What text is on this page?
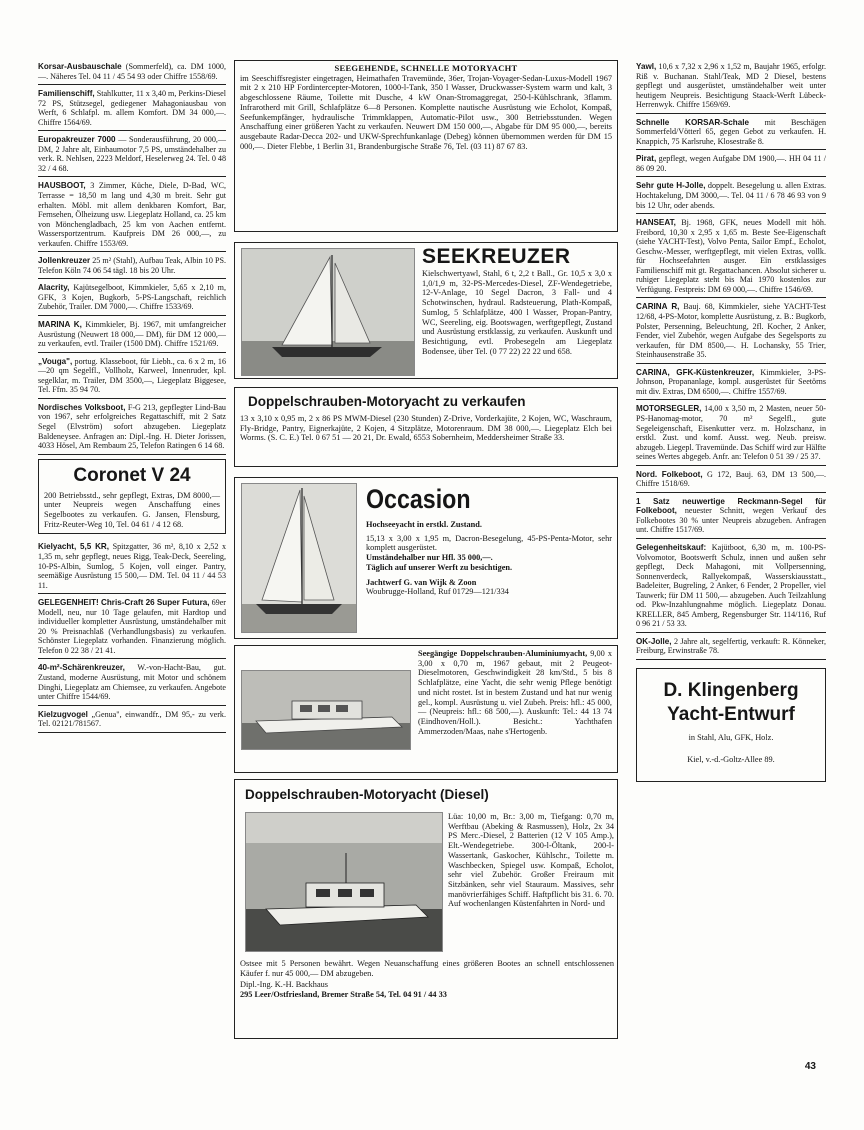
Korsar-Ausbauschale (Sommerfeld), ca. DM 1000,—. Näheres Tel. 04 11 / 45 54 93 oder Chiffre 1558/69.
Familienschiff, Stahlkutter, 11 x 3,40 m, Perkins-Diesel 72 PS, Stützsegel, gediegener Mahagoniausbau von Werft, 6 Schlafpl. m. allem Komfort. DM 34 000,—. Chiffre 1564/69.
Europakreuzer 7000 — Sonderausführung, 20 000,— DM, 2 Jahre alt, Einbaumotor 7,5 PS, umständehalber zu verk. R. Nehlsen, 2223 Meldorf, Heselerweg 24. Tel. 0 48 32 / 4 68.
HAUSBOOT, 3 Zimmer, Küche, Diele, D-Bad, WC, Terrasse = 18,50 m lang und 4,30 m breit. Sehr gut erhalten. Möbl. mit allem denkbaren Komfort, Bar, Fernsehen, Ölheizung usw. Liegeplatz Holland, ca. 25 km von Mönchengladbach, 25 km von Aachen entfernt. Wassersportzentrum. Kaufpreis DM 26 000,—, zu verkaufen. Chiffre 1553/69.
Jollenkreuzer 25 m² (Stahl), Aufbau Teak, Albin 10 PS. Telefon Köln 74 06 54 tägl. 18 bis 20 Uhr.
Alacrity, Kajütsegelboot, Kimmkieler, 5,65 x 2,10 m, GFK, 3 Kojen, Bugkorb, 5-PS-Langschaft, reichlich Zubehör, Trailer. DM 7000,—. Chiffre 1533/69.
MARINA K, Kimmkieler, Bj. 1967, mit umfangreicher Ausrüstung (Neuwert 18 000,— DM), für DM 12 000,— zu verkaufen, evtl. Trailer (1500 DM). Chiffre 1521/69.
„Vouga", portug. Klasseboot, für Liebh., ca. 6 x 2 m, 16—20 qm Segelfl., Vollholz, Karweel, Innenruder, kpl. segelklar, m. Trailer, DM 3500,—, Liegeplatz Biggesee, Tel. Ffm. 35 94 70.
Nordisches Volksboot, F-G 213, gepflegter Lind-Bau von 1967, sehr erfolgreiches Regattaschiff, mit 2 Satz Segel (Elvström) sofort abzugeben. Liegeplatz Baldeneysee. Anfragen an: Dipl.-Ing. H. Dieter Jorissen, 4033 Hösel, Am Rembaum 25, Telefon Ratingen 6 14 68.
Coronet V 24
200 Betriebsstd., sehr gepflegt, Extras, DM 8000,— unter Neupreis wegen Anschaffung eines Segelbootes zu verkaufen. G. Jansen, Flensburg, Fritz-Reuter-Weg 10, Tel. 04 61 / 4 12 68.
Kielyacht, 5,5 KR, Spitzgatter, 36 m², 8,10 x 2,52 x 1,35 m, sehr gepflegt, neues Rigg, Teak-Deck, Seereling, 10-PS-Albin, Sumlog, 5 Kojen, voll einger. Pantry, seemäßige Ausrüstung 15 500,— DM. Tel. 04 11 / 44 53 11.
GELEGENHEIT! Chris-Craft 26 Super Futura, 69er Modell, neu, nur 10 Tage gelaufen, mit Hardtop und individueller kompletter Ausrüstung, umständehalber mit 20 % Preisnachlaß (Verhandlungsbasis) zu verkaufen. Schönster Liegeplatz vorhanden. Finanzierung möglich. Telefon 0 22 38 / 21 41.
40-m²-Schärenkreuzer, W.-von-Hacht-Bau, gut. Zustand, moderne Ausrüstung, mit Motor und schönem Dinghi, Liegeplatz am Chiemsee, zu verkaufen. Angebote unter Chiffre 1544/69.
Kielzugvogel „Genua", einwandfr., DM 95,- zu verk. Tel. 02121/781567.
SEEGEHENDE, SCHNELLE MOTORYACHT
im Seeschiffsregister eingetragen, Heimathafen Travemünde, 36er, Trojan-Voyager-Sedan-Luxus-Modell 1967 mit 2 x 210 HP Fordintercepter-Motoren, 1000-l-Tank, 350 l Wasser, Druckwasser-System warm und kalt, 3 abgeschlossene Räume, Toilette mit Dusche, 4 kW Onan-Stromaggregat, 250-l-Kühlschrank, 3flamm. Infrarotherd mit Grill, Schlafplätze 6—8 Personen. Komplette nautische Ausrüstung wie Echolot, Kompaß, Seefunkempfänger, hydraulische Trimmklappen, Automatic-Pilot usw., 300 Betriebsstunden. Wegen Anschaffung einer größeren Yacht zu verkaufen. Neuwert DM 150 000,—, Abgabe für DM 95 000,—, bereits ausgebaute Radar-Decca 202- und UKW-Sprechfunkanlage (Debeg) können übernommen werden für DM 15 000,—. Dieter Flebbe, 1 Berlin 31, Brandenburgische Straße 76, Tel. (03 11) 87 67 83.
SEEKREUZER
Kielschwertyawl, Stahl, 6 t, 2,2 t Ball., Gr. 10,5 x 3,0 x 1,0/1,9 m, 32-PS-Mercedes-Diesel, ZF-Wendegetriebe, 12-V-Anlage, 10 Segel Dacron, 3 Fall- und 4 Schotwinschen, hydraul. Radsteuerung, Plath-Kompaß, Sumlog, 5 Schlafplätze, 400 l Wasser, Propan-Pantry, WC, Seereling, eig. Bootswagen, werftgepflegt, Zustand und Ausrüstung erstklassig, zu verkaufen. Auskunft und Besichtigung, evtl. Probesegeln am Liegeplatz Bodensee, über Tel. (0 77 22) 22 22 und 658.
Doppelschrauben-Motoryacht zu verkaufen
13 x 3,10 x 0,95 m, 2 x 86 PS MWM-Diesel (230 Stunden) Z-Drive, Vorderkajüte, 2 Kojen, WC, Waschraum, Fly-Bridge, Pantry, Eignerkajüte, 2 Kojen, 4 Sitzplätze, Motorenraum. DM 38 000,—. Liegeplatz Elch bei Worms. (S. C. E.) Tel. 0 67 51 — 20 21, Dr. Ewald, 6553 Sobernheim, Meddersheimer Straße 33.
Occasion
Hochseeyacht in erstkl. Zustand.
15,13 x 3,00 x 1,95 m, Dacron-Besegelung, 45-PS-Penta-Motor, sehr komplett ausgerüstet.
Umständehalber nur Hfl. 35 000,—.
Täglich auf unserer Werft zu besichtigen.
Jachtwerf G. van Wijk & Zoon
Woubrugge-Holland, Ruf 01729—121/334
Seegängige Doppelschrauben-Aluminiumyacht, 9,00 x 3,00 x 0,70 m, 1967 gebaut, mit 2 Peugeot-Dieselmotoren, Geschwindigkeit 28 km/Std., 5 bis 8 Schlafplätze, eine Yacht, die sehr wenig Pflege benötigt und nicht rostet. Ist in bestem Zustand und hat nur wenig gel., kompl. Ausrüstung u. viel Zubeh. Preis: hfl.: 45 000,— (Neupreis: hfl.: 68 500,—). Auskunft: Tel.: 44 13 74 (Eindhoven/Holl.). Besicht.: Yachthafen Ammerzoden/Maas, nahe s'Hertogenb.
Doppelschrauben-Motoryacht (Diesel)
Lüa: 10,00 m, Br.: 3,00 m, Tiefgang: 0,70 m, Werftbau (Abeking & Rasmussen), Holz, 2x 34 PS Merc.-Diesel, 2 Batterien (12 V 105 Amp.), Elt.-Wendegetriebe. 300-l-Öltank, 200-l-Wassertank, Gaskocher, Kühlschr., Toilette m. Waschbecken, Spiegel usw. Kompaß, Echolot, sehr viel Zubehör. Großer Freiraum mit Sitzbänken, sehr viel Stauraum. Massives, sehr manövrierfähiges Schiff. Haftpflicht bis 31. 6. 70. Auf wochenlangen Küstenfahrten in Nord- und
Ostsee mit 5 Personen bewährt. Wegen Neuanschaffung eines größeren Bootes an schnell entschlossenen Käufer f. nur 45 000,— DM abzugeben.
Dipl.-Ing. K.-H. Backhaus
295 Leer/Ostfriesland, Bremer Straße 54, Tel. 04 91 / 44 33
Yawl, 10,6 x 7,32 x 2,96 x 1,52 m, Baujahr 1965, erfolgr. Riß v. Buchanan. Stahl/Teak, MD 2 Diesel, bestens gepflegt und ausgerüstet, umständehalber weit unter heutigem Neupreis. Besichtigung Staack-Werft Lübeck-Herrenwyk. Chiffre 1569/69.
Schnelle KORSAR-Schale mit Beschägen Sommerfeld/Vötterl 65, gegen Gebot zu verkaufen. H. Knappich, 75 Karlsruhe, Klosestraße 8.
Pirat, gepflegt, wegen Aufgabe DM 1900,—. HH 04 11 / 86 09 20.
Sehr gute H-Jolle, doppelt. Besegelung u. allen Extras. Hochtakelung, DM 3000,—. Tel. 04 11 / 6 78 46 93 von 9 bis 12 Uhr, oder abends.
HANSEAT, Bj. 1968, GFK, neues Modell mit höh. Freibord, 10,30 x 2,95 x 1,65 m. Beste See-Eigenschaft (siehe YACHT-Test), Volvo Penta, Sailor Empf., Echolot, Geschw.-Messer, werftgepflegt, mit vielen Extras, vollk. für Hochseefahrten ausger. Ein erstklassiges Familienschiff mit gt. Regattachancen. Absolut sicherer u. ruhiger Liegeplatz steht bis Mai 1970 kostenlos zur Verfügung. Festpreis: DM 69 000,—. Chiffre 1546/69.
CARINA R, Bauj. 68, Kimmkieler, siehe YACHT-Test 12/68, 4-PS-Motor, komplette Ausrüstung, z. B.: Bugkorb, Polster, Persenning, Beleuchtung, 2fl. Kocher, 2 Anker, Fender, viel Zubehör, wegen Aufgabe des Segelsports zu verkaufen, für DM 8500,—. H. Lochansky, 55 Trier, Steinhausenstraße 35.
CARINA, GFK-Küstenkreuzer, Kimmkieler, 3-PS-Johnson, Propananlage, kompl. ausgerüstet für Seetörns mit div. Extras, DM 6500,—. Chiffre 1557/69.
MOTORSEGLER, 14,00 x 3,50 m, 2 Masten, neuer 50-PS-Hanomag-motor, 70 m² Segelfl., gute Segeleigenschaft, Eisenkutter verz. m. Holzschanz, in erstkl. Zust. und komf. Ausst. weg. Neub. preisw. abzugeb. Liegepl. Travemünde. Das Schiff wird zur Hälfte seines Wertes abgegeb. Anfr. an: Telefon 0 51 39 / 25 37.
Nord. Folkeboot, G 172, Bauj. 63, DM 13 500,—. Chiffre 1518/69.
1 Satz neuwertige Reckmann-Segel für Folkeboot, neuester Schnitt, wegen Verkauf des Folkebootes 30 % unter Neupreis abzugeben. Anfragen unt. Chiffre 1517/69.
Gelegenheitskauf: Kajütboot, 6,30 m, m. 100-PS-Volvomotor, Bootswerft Schulz, innen und außen sehr gepflegt, Deck Mahagoni, mit Vollpersenning, Sonnenverdeck, Rallyekompaß, Wasserskiausstatt., Badeleiter, Bugreling, 2 Anker, 6 Fender, 2 Propeller, viel Tauwerk; für DM 11 500,— abzugeben. Auch Teilzahlung od. Pkw-Inzahlungnahme möglich. Liegeplatz Donau. KRELLER, 845 Amberg, Regensburger Str. 114/116, Ruf 0 96 21 / 53 33.
OK-Jolle, 2 Jahre alt, segelfertig, verkauft: R. Könneker, Freiburg, Erwinstraße 78.
D. Klingenberg
Yacht-Entwurf
in Stahl, Alu, GFK, Holz.
Kiel, v.-d.-Goltz-Allee 89.
43
